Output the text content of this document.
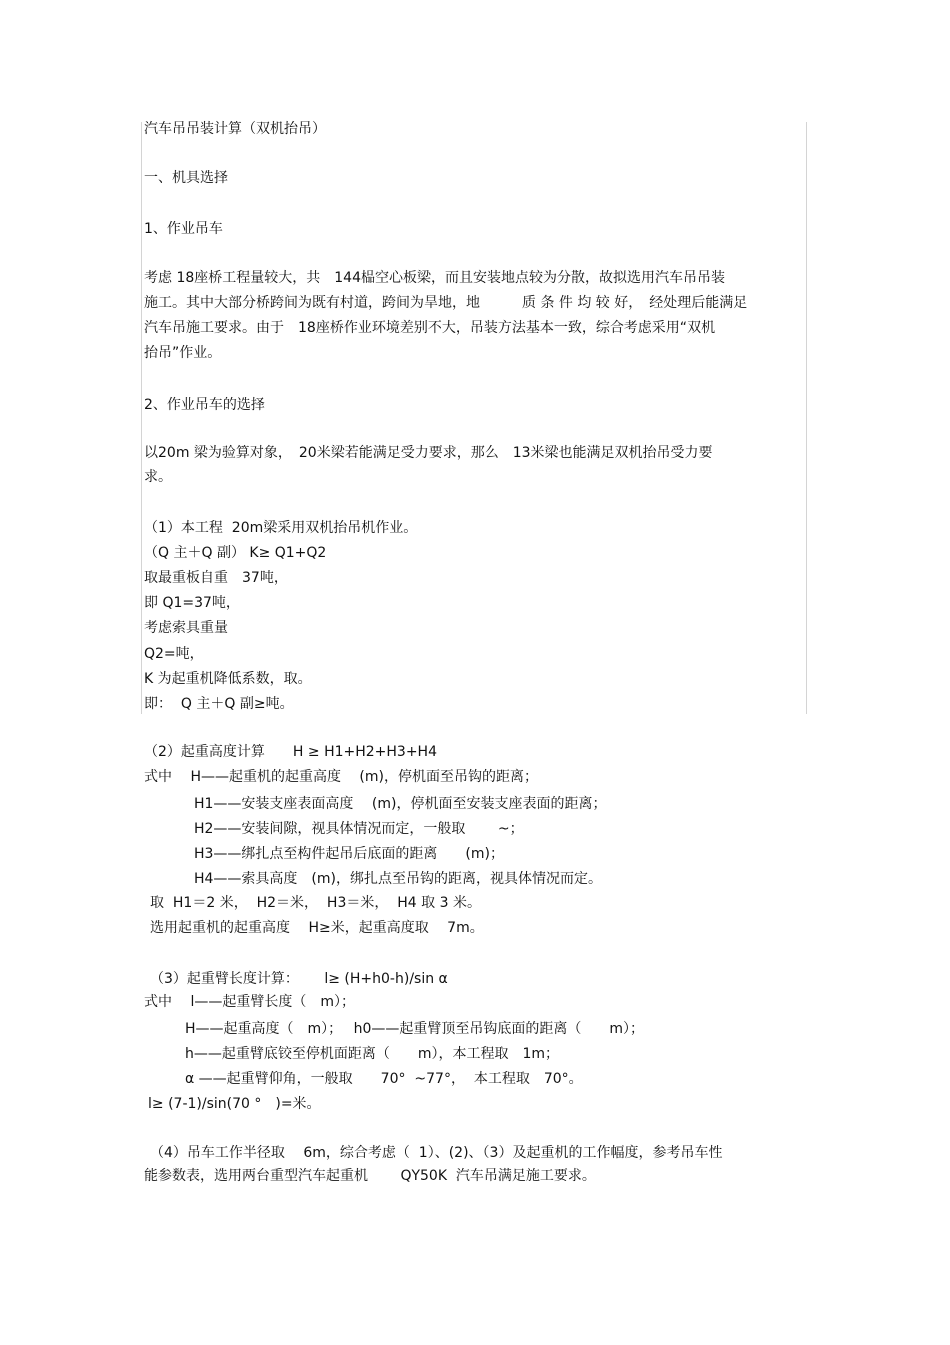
汽车吊吊装计算（双机抬吊）
一、机具选择
1、作业吊车
考虑 18座桥工程量较大，共　144榀空心板梁，而且安装地点较为分散，故拟选用汽车吊吊装
施工。其中大部分桥跨间为既有村道，跨间为旱地，地　　　质 条 件 均 较 好，　经处理后能满足
汽车吊施工要求。由于　18座桥作业环境差别不大，吊装方法基本一致，综合考虑采用“双机
抬吊”作业。
2、作业吊车的选择
以20m 梁为验算对象，　20米梁若能满足受力要求，那么　13米梁也能满足双机抬吊受力要
求。
（1）本工程  20m梁采用双机抬吊机作业。
（Q 主＋Q 副） K≥ Q1+Q2
取最重板自重　37吨，
即 Q1=37吨，
考虑索具重量
Q2=吨，
K 为起重机降低系数，取。
即：  Q 主＋Q 副≥吨。
（2）起重高度计算　　H ≥ H1+H2+H3+H4
式中　 H——起重机的起重高度　 (m)，停机面至吊钩的距离；
H1——安装支座表面高度　 (m)，停机面至安装支座表面的距离；
H2——安装间隙，视具体情况而定，一般取　　 ~；
H3——绑扎点至构件起吊后底面的距离　　(m)；
H4——索具高度　(m)，绑扎点至吊钩的距离，视具体情况而定。
取  H1＝2 米，  H2＝米，  H3＝米，  H4 取 3 米。
选用起重机的起重高度　 H≥米，起重高度取　 7m。
（3）起重臂长度计算：　　 l≥ (H+h0-h)/sin α
式中　 l——起重臂长度（　m）；
H——起重高度（　m）；　 h0——起重臂顶至吊钩底面的距离（　　m）；
h——起重臂底铰至停机面距离（　　m），本工程取　1m；
α ——起重臂仰角，一般取　　70°  ~77°，  本工程取　70°。
l≥ (7-1)/sin(70 °　)=米。
（4）吊车工作半径取　 6m，综合考虑（  1）、(2)、（3）及起重机的工作幅度，参考吊车性
能参数表，选用两台重型汽车起重机　　 QY50K  汽车吊满足施工要求。
